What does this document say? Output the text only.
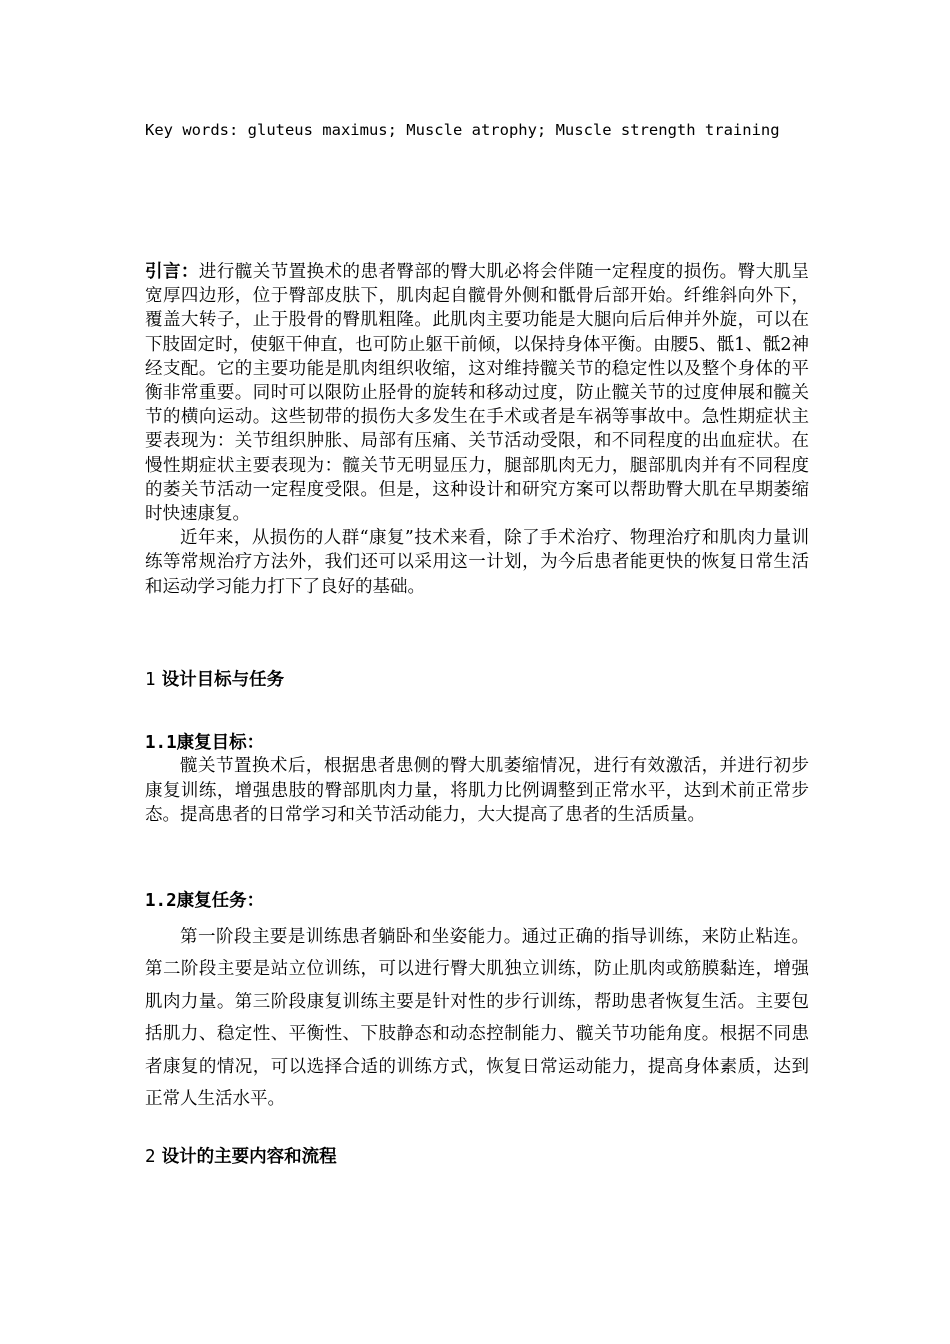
Key words: gluteus maximus; Muscle atrophy; Muscle strength training
引言：进行髋关节置换术的患者臀部的臀大肌必将会伴随一定程度的损伤。臀大肌呈宽厚四边形，位于臀部皮肤下，肌肉起自髋骨外侧和骶骨后部开始。纤维斜向外下，覆盖大转子，止于股骨的臀肌粗隆。此肌肉主要功能是大腿向后后伸并外旋，可以在下肢固定时，使躯干伸直，也可防止躯干前倾，以保持身体平衡。由腰5、骶1、骶2神经支配。它的主要功能是肌肉组织收缩，这对维持髋关节的稳定性以及整个身体的平衡非常重要。同时可以限防止胫骨的旋转和移动过度，防止髋关节的过度伸展和髋关节的横向运动。这些韧带的损伤大多发生在手术或者是车祸等事故中。急性期症状主要表现为：关节组织肿胀、局部有压痛、关节活动受限，和不同程度的出血症状。在慢性期症状主要表现为：髋关节无明显压力，腿部肌肉无力，腿部肌肉并有不同程度的萎关节活动一定程度受限。但是，这种设计和研究方案可以帮助臀大肌在早期萎缩时快速康复。
近年来，从损伤的人群“康复”技术来看，除了手术治疗、物理治疗和肌肉力量训练等常规治疗方法外，我们还可以采用这一计划，为今后患者能更快的恢复日常生活和运动学习能力打下了良好的基础。
1 设计目标与任务
1.1康复目标：
髋关节置换术后，根据患者患侧的臀大肌萎缩情况，进行有效激活，并进行初步康复训练，增强患肢的臀部肌肉力量，将肌力比例调整到正常水平，达到术前正常步态。提高患者的日常学习和关节活动能力，大大提高了患者的生活质量。
1.2康复任务：
第一阶段主要是训练患者躺卧和坐姿能力。通过正确的指导训练，来防止粘连。第二阶段主要是站立位训练，可以进行臀大肌独立训练，防止肌肉或筋膜黏连，增强肌肉力量。第三阶段康复训练主要是针对性的步行训练，帮助患者恢复生活。主要包括肌力、稳定性、平衡性、下肢静态和动态控制能力、髋关节功能角度。根据不同患者康复的情况，可以选择合适的训练方式，恢复日常运动能力，提高身体素质，达到正常人生活水平。
2 设计的主要内容和流程
